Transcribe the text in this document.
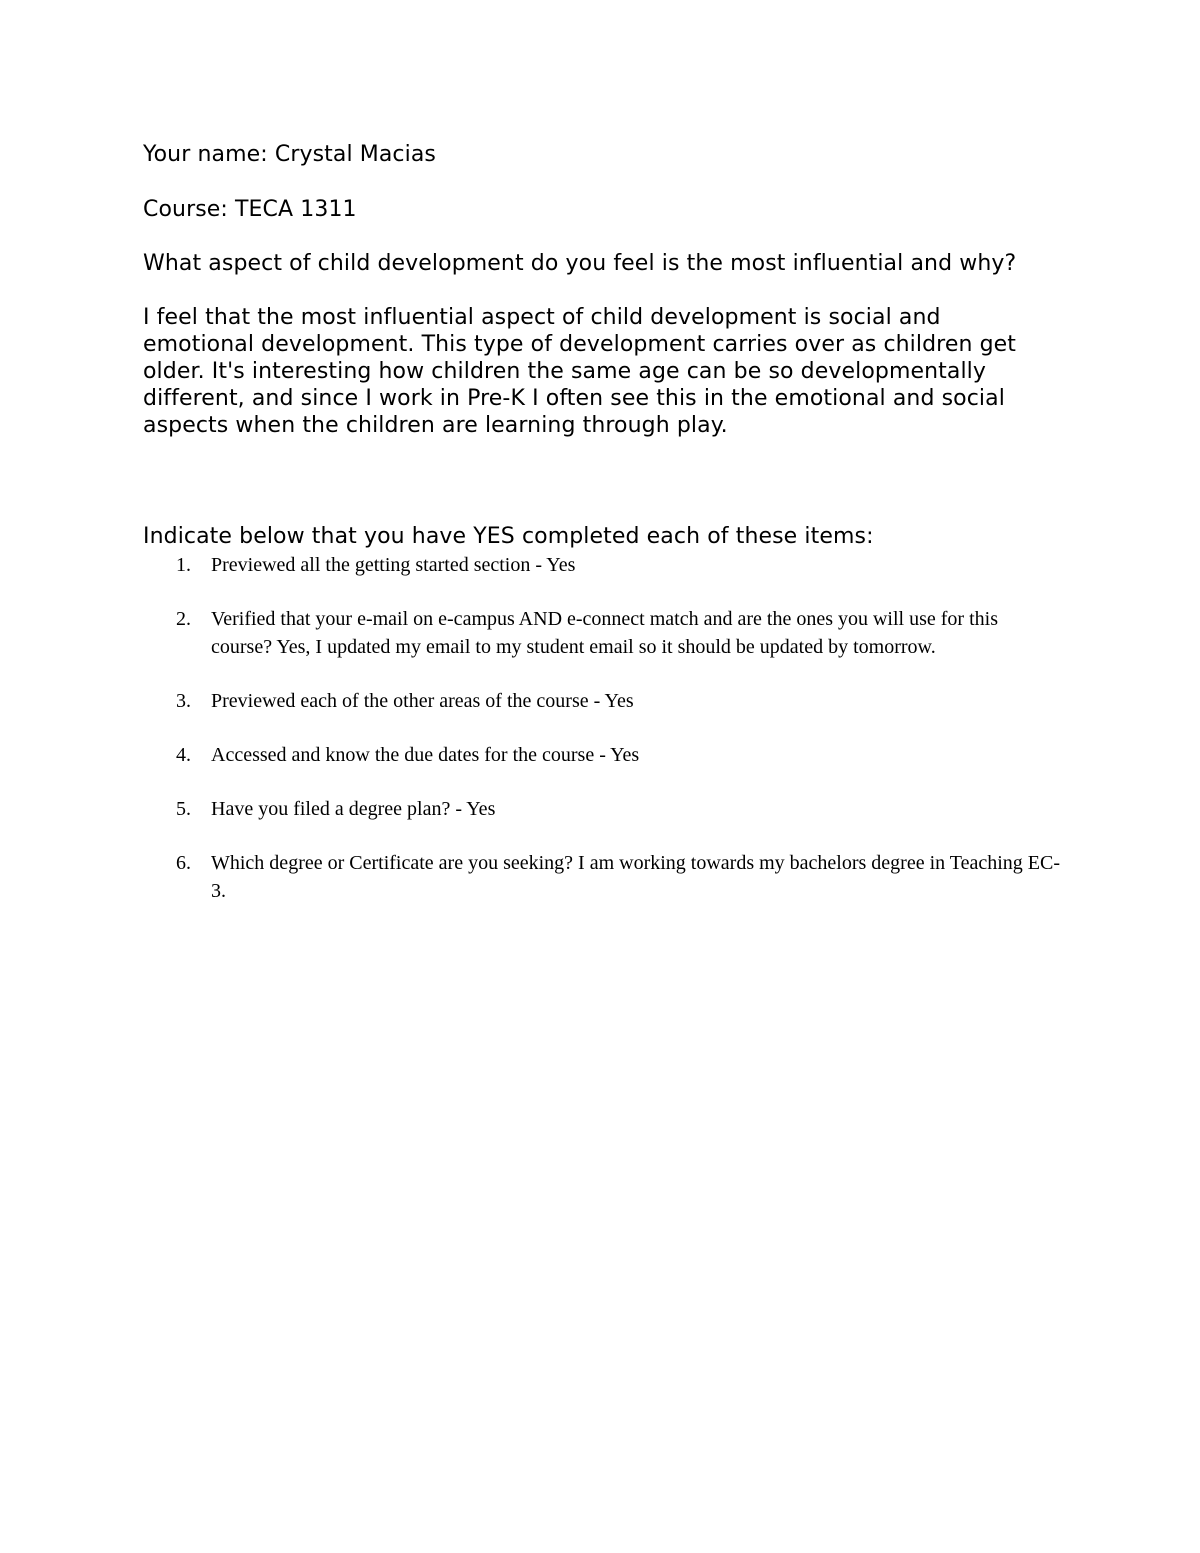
Your name: Crystal Macias

Course: TECA 1311

What aspect of child development do you feel is the most influential and why?

I feel that the most influential aspect of child development is social and emotional development. This type of development carries over as children get older. It's interesting how children the same age can be so developmentally different, and since I work in Pre-K I often see this in the emotional and social aspects when the children are learning through play.

Indicate below that you have YES completed each of these items:

1. Previewed all the getting started section - Yes
2. Verified that your e-mail on e-campus AND e-connect match and are the ones you will use for this course? Yes, I updated my email to my student email so it should be updated by tomorrow.
3. Previewed each of the other areas of the course - Yes
4. Accessed and know the due dates for the course - Yes
5. Have you filed a degree plan? - Yes
6. Which degree or Certificate are you seeking? I am working towards my bachelors degree in Teaching EC-3.
